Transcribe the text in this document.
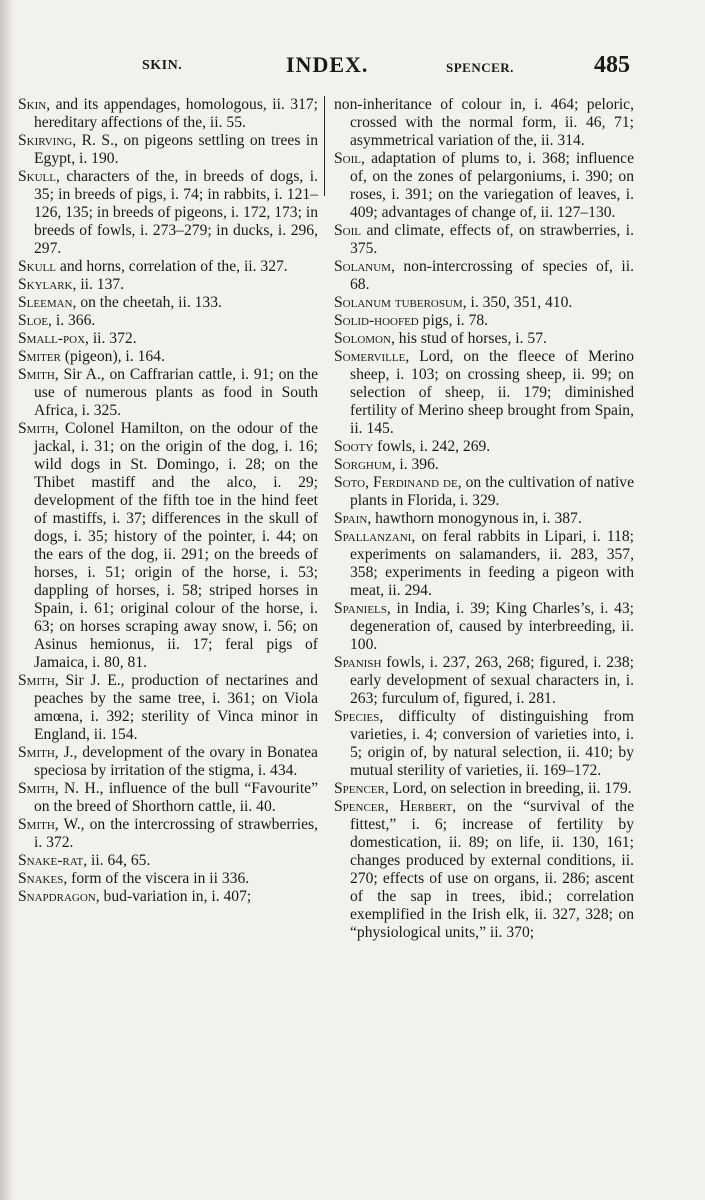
SKIN.	INDEX.	SPENCER.	485
Skin, and its appendages, homologous, ii. 317; hereditary affections of the, ii. 55.
Skirving, R. S., on pigeons settling on trees in Egypt, i. 190.
Skull, characters of the, in breeds of dogs, i. 35; in breeds of pigs, i. 74; in rabbits, i. 121–126, 135; in breeds of pigeons, i. 172, 173; in breeds of fowls, i. 273–279; in ducks, i. 296, 297.
Skull and horns, correlation of the, ii. 327.
Skylark, ii. 137.
Sleeman, on the cheetah, ii. 133.
Sloe, i. 366.
Small-pox, ii. 372.
Smiter (pigeon), i. 164.
Smith, Sir A., on Caffrarian cattle, i. 91; on the use of numerous plants as food in South Africa, i. 325.
Smith, Colonel Hamilton, on the odour of the jackal, i. 31; on the origin of the dog, i. 16; wild dogs in St. Domingo, i. 28; on the Thibet mastiff and the alco, i. 29; development of the fifth toe in the hind feet of mastiffs, i. 37; differences in the skull of dogs, i. 35; history of the pointer, i. 44; on the ears of the dog, ii. 291; on the breeds of horses, i. 51; origin of the horse, i. 53; dappling of horses, i. 58; striped horses in Spain, i. 61; original colour of the horse, i. 63; on horses scraping away snow, i. 56; on Asinus hemionus, ii. 17; feral pigs of Jamaica, i. 80, 81.
Smith, Sir J. E., production of nectarines and peaches by the same tree, i. 361; on Viola amœna, i. 392; sterility of Vinca minor in England, ii. 154.
Smith, J., development of the ovary in Bonatea speciosa by irritation of the stigma, i. 434.
Smith, N. H., influence of the bull “Favourite” on the breed of Shorthorn cattle, ii. 40.
Smith, W., on the intercrossing of strawberries, i. 372.
Snake-rat, ii. 64, 65.
Snakes, form of the viscera in ii 336.
Snapdragon, bud-variation in, i. 407;
non-inheritance of colour in, i. 464; peloric, crossed with the normal form, ii. 46, 71; asymmetrical variation of the, ii. 314.
Soil, adaptation of plums to, i. 368; influence of, on the zones of pelargoniums, i. 390; on roses, i. 391; on the variegation of leaves, i. 409; advantages of change of, ii. 127–130.
Soil and climate, effects of, on strawberries, i. 375.
Solanum, non-intercrossing of species of, ii. 68.
Solanum tuberosum, i. 350, 351, 410.
Solid-hoofed pigs, i. 78.
Solomon, his stud of horses, i. 57.
Somerville, Lord, on the fleece of Merino sheep, i. 103; on crossing sheep, ii. 99; on selection of sheep, ii. 179; diminished fertility of Merino sheep brought from Spain, ii. 145.
Sooty fowls, i. 242, 269.
Sorghum, i. 396.
Soto, Ferdinand de, on the cultivation of native plants in Florida, i. 329.
Spain, hawthorn monogynous in, i. 387.
Spallanzani, on feral rabbits in Lipari, i. 118; experiments on salamanders, ii. 283, 357, 358; experiments in feeding a pigeon with meat, ii. 294.
Spaniels, in India, i. 39; King Charles’s, i. 43; degeneration of, caused by interbreeding, ii. 100.
Spanish fowls, i. 237, 263, 268; figured, i. 238; early development of sexual characters in, i. 263; furculum of, figured, i. 281.
Species, difficulty of distinguishing from varieties, i. 4; conversion of varieties into, i. 5; origin of, by natural selection, ii. 410; by mutual sterility of varieties, ii. 169–172.
Spencer, Lord, on selection in breeding, ii. 179.
Spencer, Herbert, on the “survival of the fittest,” i. 6; increase of fertility by domestication, ii. 89; on life, ii. 130, 161; changes produced by external conditions, ii. 270; effects of use on organs, ii. 286; ascent of the sap in trees, ibid.; correlation exemplified in the Irish elk, ii. 327, 328; on “physiological units,” ii. 370;
